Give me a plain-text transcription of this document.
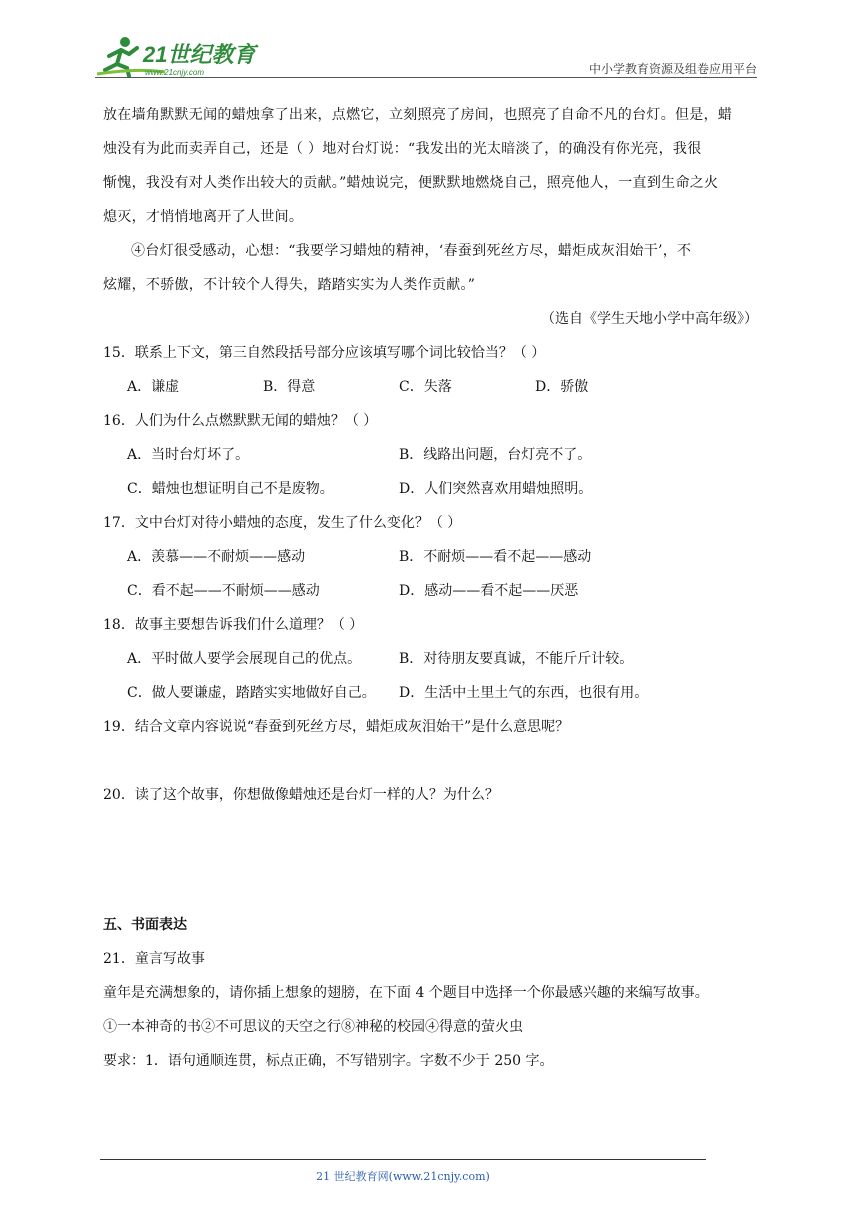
21世纪教育
www.21cnjy.com	中小学教育资源及组卷应用平台

放在墙角默默无闻的蜡烛拿了出来，点燃它，立刻照亮了房间，也照亮了自命不凡的台灯。但是，蜡

烛没有为此而卖弄自己，还是（ ）地对台灯说：“我发出的光太暗淡了，的确没有你光亮，我很

惭愧，我没有对人类作出较大的贡献。”蜡烛说完，便默默地燃烧自己，照亮他人，一直到生命之火

熄灭，才悄悄地离开了人世间。

④台灯很受感动，心想：“我要学习蜡烛的精神，‘春蚕到死丝方尽，蜡炬成灰泪始干’，不

炫耀，不骄傲，不计较个人得失，踏踏实实为人类作贡献。”

（选自《学生天地小学中高年级》）

15．联系上下文，第三自然段括号部分应该填写哪个词比较恰当？（ ）

A．谦虚	B．得意	C．失落	D．骄傲

16．人们为什么点燃默默无闻的蜡烛？（ ）

A．当时台灯坏了。	B．线路出问题，台灯亮不了。
C．蜡烛也想证明自己不是废物。	D．人们突然喜欢用蜡烛照明。

17．文中台灯对待小蜡烛的态度，发生了什么变化？（ ）

A．羡慕——不耐烦——感动	B．不耐烦——看不起——感动
C．看不起——不耐烦——感动	D．感动——看不起——厌恶

18．故事主要想告诉我们什么道理？（ ）

A．平时做人要学会展现自己的优点。	B．对待朋友要真诚，不能斤斤计较。
C．做人要谦虚，踏踏实实地做好自己。	D．生活中土里土气的东西，也很有用。

19．结合文章内容说说“春蚕到死丝方尽，蜡炬成灰泪始干”是什么意思呢？

20．读了这个故事，你想做像蜡烛还是台灯一样的人？为什么？

五、书面表达

21．童言写故事

童年是充满想象的，请你插上想象的翅膀，在下面 4 个题目中选择一个你最感兴趣的来编写故事。

①一本神奇的书②不可思议的天空之行⑧神秘的校园④得意的萤火虫

要求：1．语句通顺连贯，标点正确，不写错别字。字数不少于 250 字。

21 世纪教育网(www.21cnjy.com)
